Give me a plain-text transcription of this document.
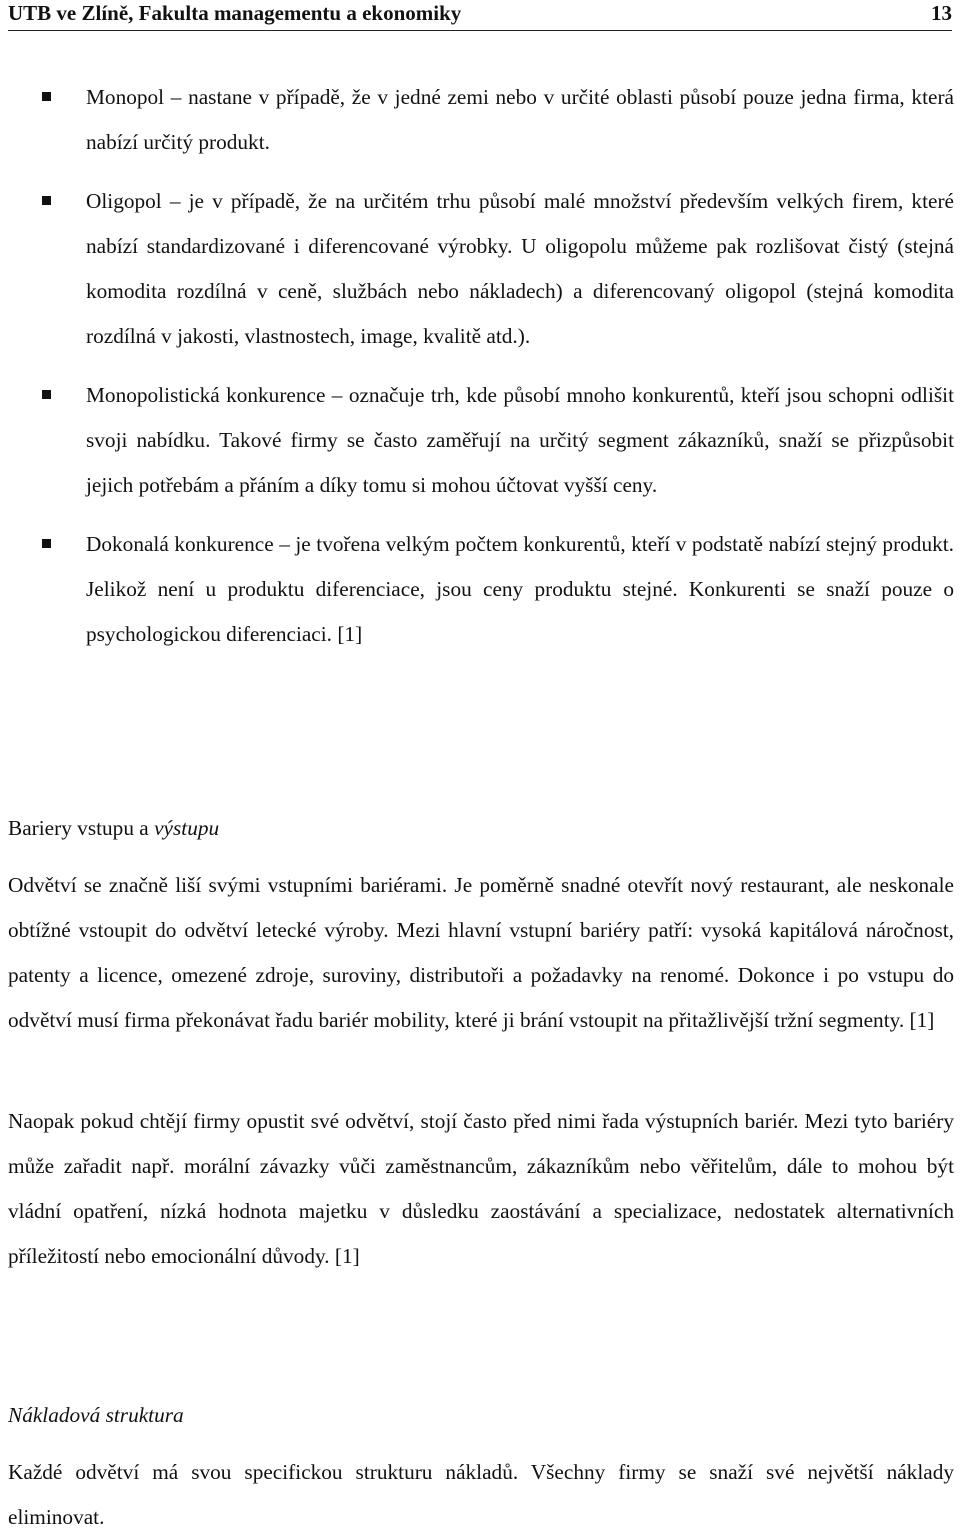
UTB ve Zlíně, Fakulta managementu a ekonomiky	13
Monopol – nastane v případě, že v jedné zemi nebo v určité oblasti působí pouze jedna firma, která nabízí určitý produkt.
Oligopol – je v případě, že na určitém trhu působí malé množství především velkých firem, které nabízí standardizované i diferencované výrobky. U oligopolu můžeme pak rozlišovat čistý (stejná komodita rozdílná v ceně, službách nebo nákladech) a diferencovaný oligopol (stejná komodita rozdílná v jakosti, vlastnostech, image, kvalitě atd.).
Monopolistická konkurence – označuje trh, kde působí mnoho konkurentů, kteří jsou schopni odlišit svoji nabídku. Takové firmy se často zaměřují na určitý segment zákazníků, snaží se přizpůsobit jejich potřebám a přáním a díky tomu si mohou účtovat vyšší ceny.
Dokonalá konkurence – je tvořena velkým počtem konkurentů, kteří v podstatě nabízí stejný produkt. Jelikož není u produktu diferenciace, jsou ceny produktu stejné. Konkurenti se snaží pouze o psychologickou diferenciaci. [1]
Bariery vstupu a výstupu
Odvětví se značně liší svými vstupními bariérami. Je poměrně snadné otevřít nový restaurant, ale neskonale obtížné vstoupit do odvětví letecké výroby. Mezi hlavní vstupní bariéry patří: vysoká kapitálová náročnost, patenty a licence, omezené zdroje, suroviny, distributoři a požadavky na renomé. Dokonce i po vstupu do odvětví musí firma překonávat řadu bariér mobility, které ji brání vstoupit na přitažlivější tržní segmenty. [1]
Naopak pokud chtějí firmy opustit své odvětví, stojí často před nimi řada výstupních bariér. Mezi tyto bariéry může zařadit např. morální závazky vůči zaměstnancům, zákazníkům nebo věřitelům, dále to mohou být vládní opatření, nízká hodnota majetku v důsledku zaostávání a specializace, nedostatek alternativních příležitostí nebo emocionální důvody. [1]
Nákladová struktura
Každé odvětví má svou specifickou strukturu nákladů. Všechny firmy se snaží své největší náklady eliminovat.
